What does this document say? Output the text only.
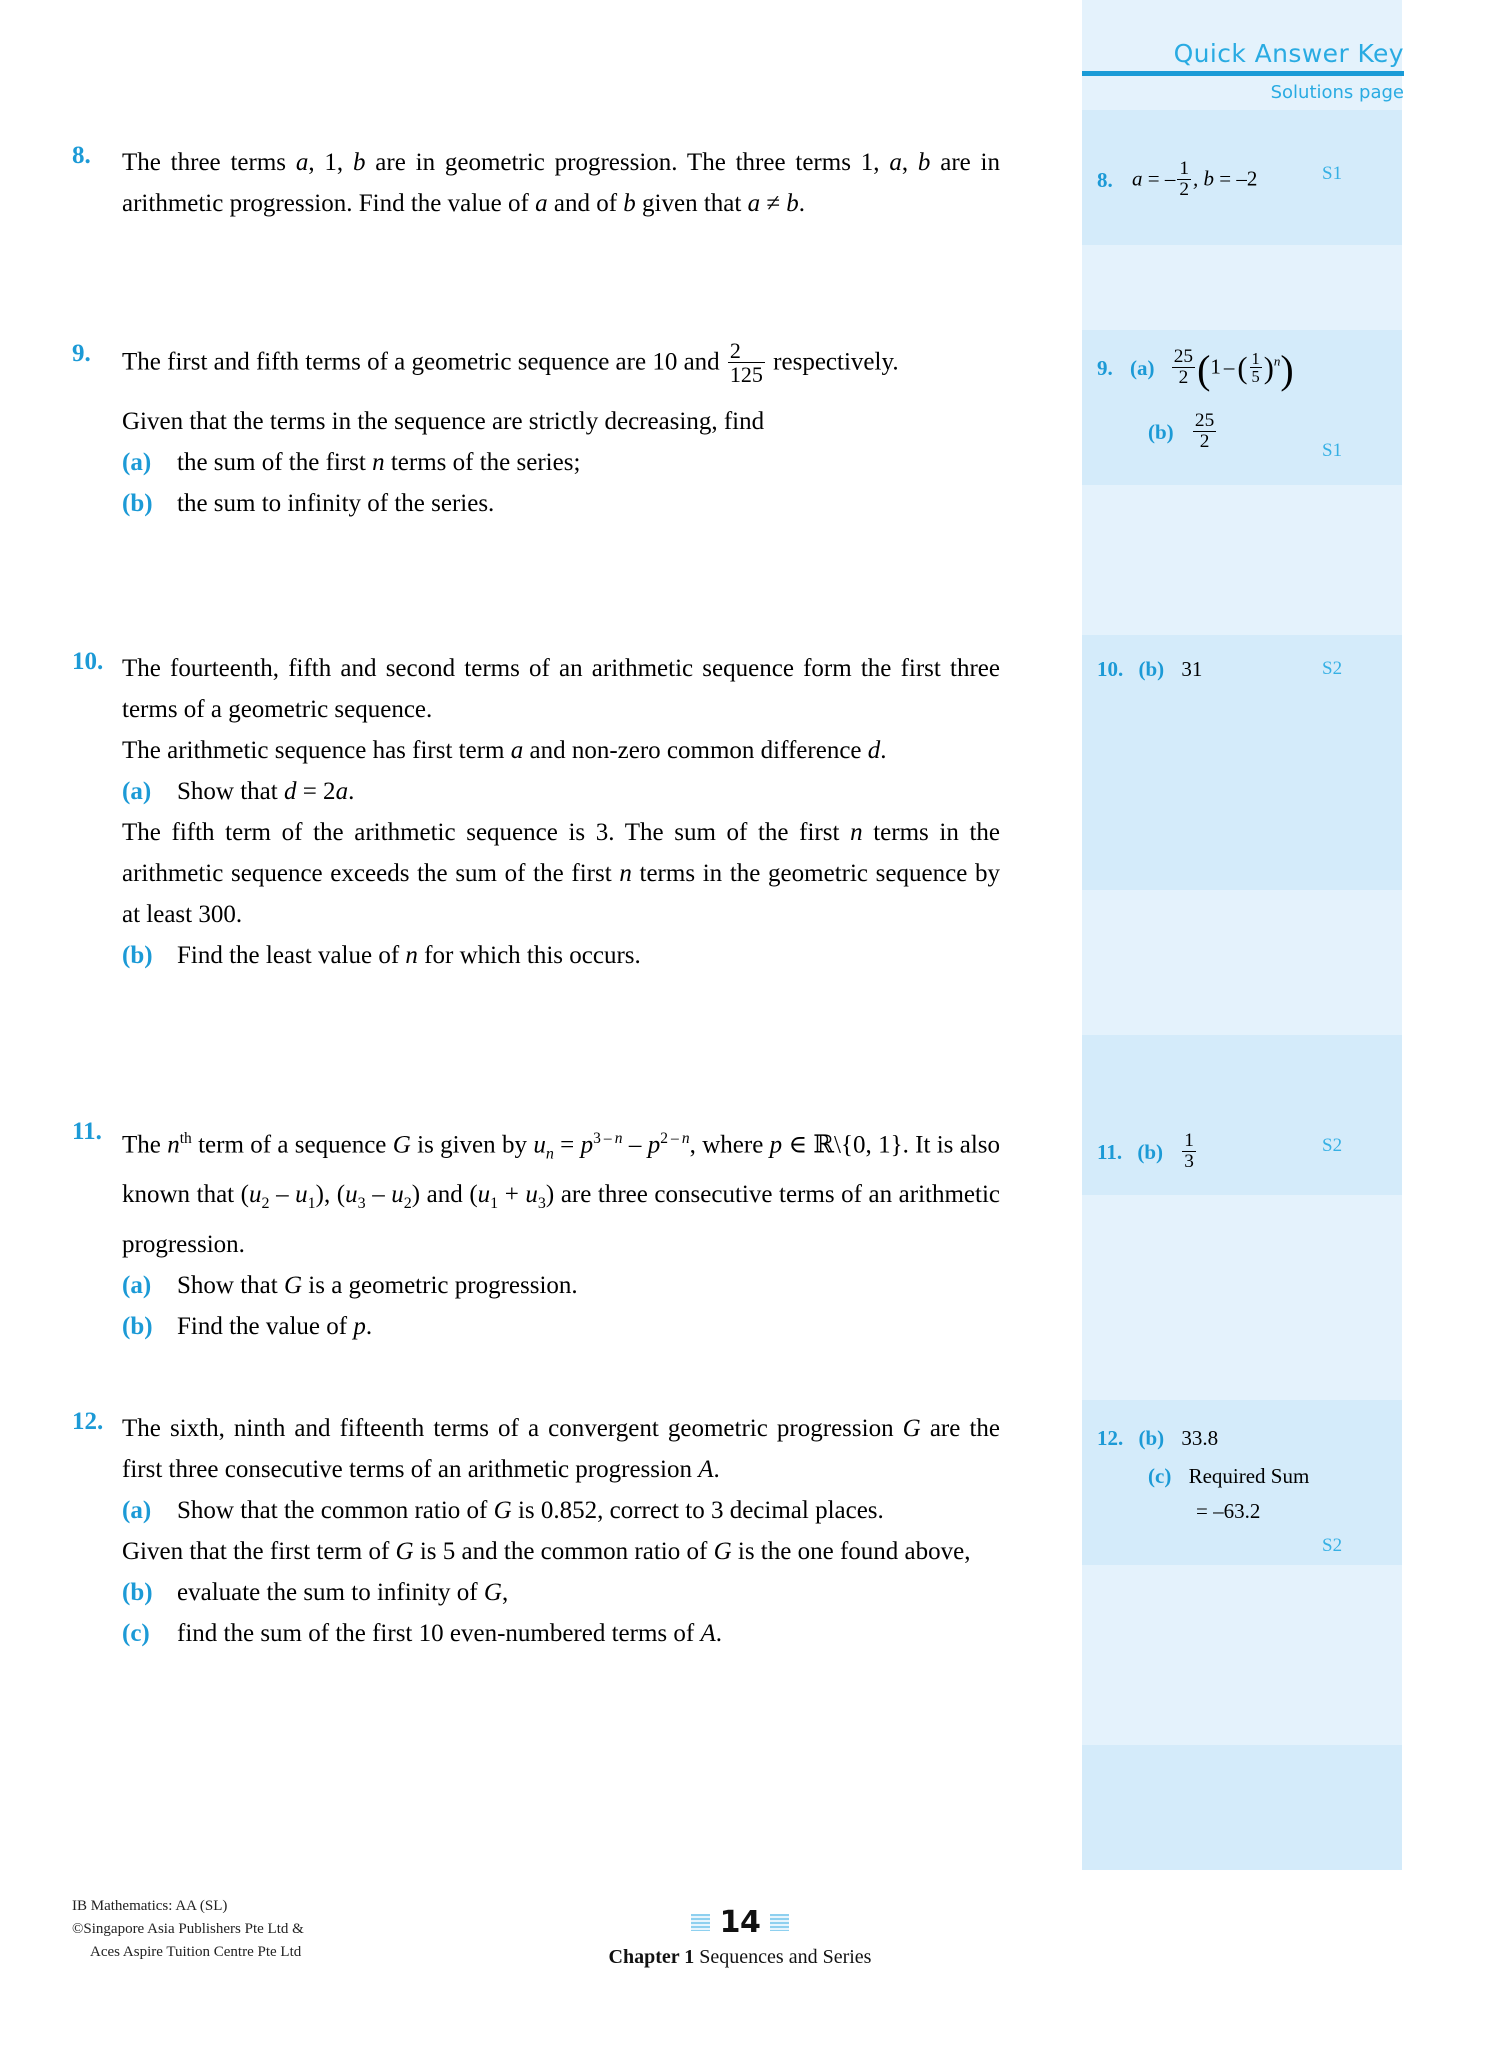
Quick Answer Key
Solutions page
8. a = – $\frac{1}{2}$ , b = –2	S1
9. $(a) \frac{25}{2} (1$ –( $\frac{1}{5} )^n$)
$(b) \frac{25}{2}$	S1
10. (b) 31	S2
11. $(b) \frac{1}{3}$	S2
12. (b) 33.8
(c) Required Sum
= –63.2
S2
8.	The three terms a, 1, b are in geometric progression. The three terms 1, a, b are in arithmetic progression. Find the value of a and of b given that a ≠ b.
9.	The first and fifth terms of a geometric sequence are 10 and $\frac{2}{125}$ respectively.
Given that the terms in the sequence are strictly decreasing, find
(a) the sum of the first n terms of the series;
(b) the sum to infinity of the series.
10. The fourteenth, fifth and second terms of an arithmetic sequence form the first three terms of a geometric sequence.
The arithmetic sequence has first term a and non-zero common difference d.
(a) Show that d = 2a.
The fifth term of the arithmetic sequence is 3. The sum of the first n terms in the arithmetic sequence exceeds the sum of the first n terms in the geometric sequence by at least 300.
(b) Find the least value of n for which this occurs.
11. The $n^{th}$ term of a sequence G is given by $u_n = p^{3 - n} - p^{2 - n}$, where p ∈ ℝ\{0, 1}. It is also known that $(u_2 - u_1)$, $(u_3 - u_2)$ and $(u_1 + u_3)$ are three consecutive terms of an arithmetic progression.
(a) Show that G is a geometric progression.
(b) Find the value of p.
12. The sixth, ninth and fifteenth terms of a convergent geometric progression G are the first three consecutive terms of an arithmetic progression A.
(a) Show that the common ratio of G is 0.852, correct to 3 decimal places.
Given that the first term of G is 5 and the common ratio of G is the one found above,
(b) evaluate the sum to infinity of G,
(c) find the sum of the first 10 even-numbered terms of A.
IB Mathematics: AA (SL)
©Singapore Asia Publishers Pte Ltd &
Aces Aspire Tuition Centre Pte Ltd
14
Chapter 1 Sequences and Series
